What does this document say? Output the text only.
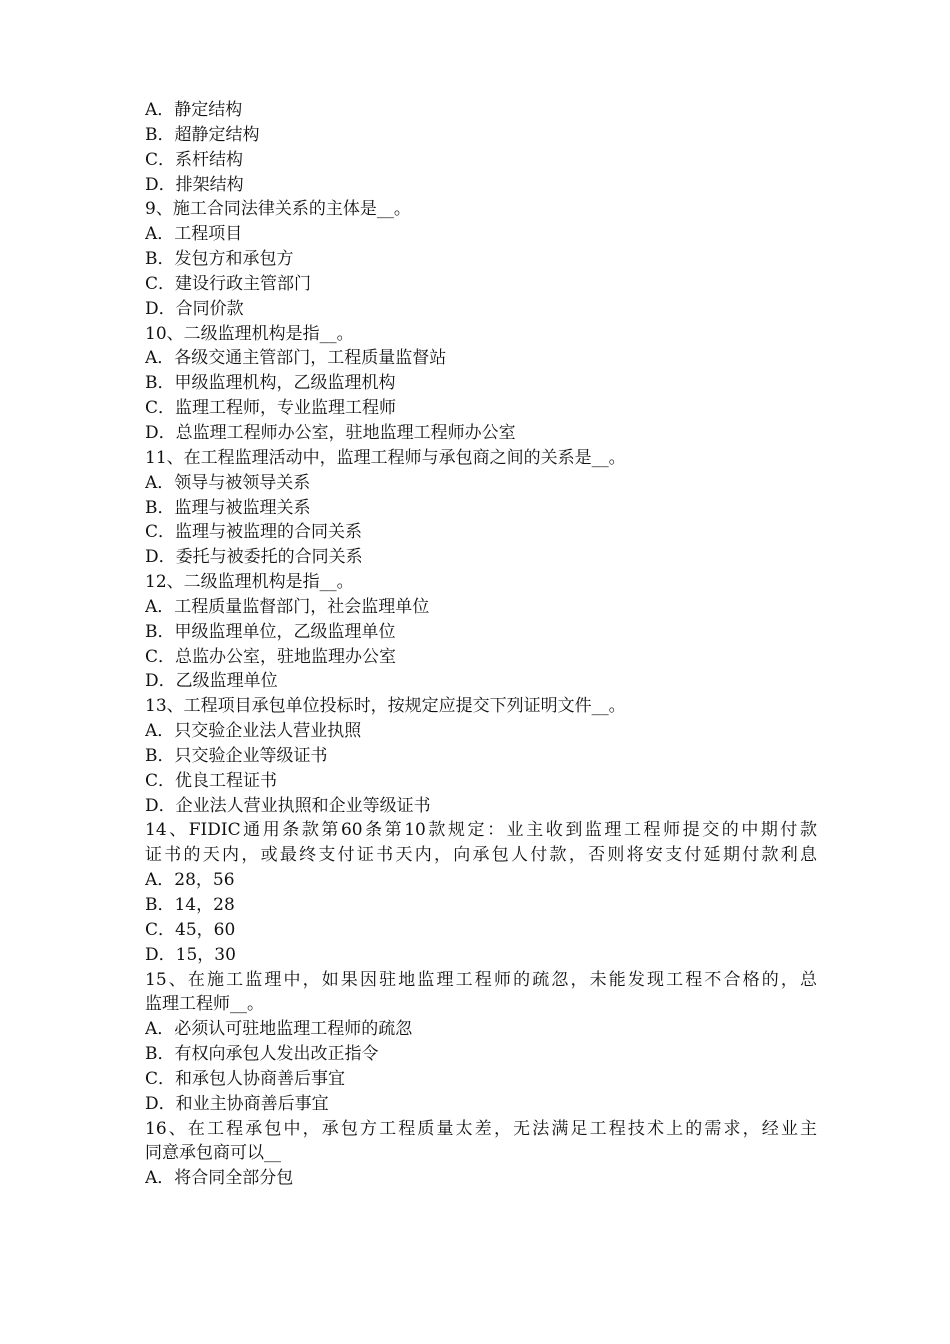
A．静定结构
B．超静定结构
C．系杆结构
D．排架结构
9、施工合同法律关系的主体是__。
A．工程项目
B．发包方和承包方
C．建设行政主管部门
D．合同价款
10、二级监理机构是指__。
A．各级交通主管部门，工程质量监督站
B．甲级监理机构，乙级监理机构
C．监理工程师，专业监理工程师
D．总监理工程师办公室，驻地监理工程师办公室
11、在工程监理活动中，监理工程师与承包商之间的关系是__。
A．领导与被领导关系
B．监理与被监理关系
C．监理与被监理的合同关系
D．委托与被委托的合同关系
12、二级监理机构是指__。
A．工程质量监督部门，社会监理单位
B．甲级监理单位，乙级监理单位
C．总监办公室，驻地监理办公室
D．乙级监理单位
13、工程项目承包单位投标时，按规定应提交下列证明文件__。
A．只交验企业法人营业执照
B．只交验企业等级证书
C．优良工程证书
D．企业法人营业执照和企业等级证书
14、FIDIC通用条款第60条第10款规定：业主收到监理工程师提交的中期付款
证书的天内，或最终支付证书天内，向承包人付款，否则将安支付延期付款利息
A．28，56
B．14，28
C．45，60
D．15，30
15、在施工监理中，如果因驻地监理工程师的疏忽，未能发现工程不合格的，总
监理工程师__。
A．必须认可驻地监理工程师的疏忽
B．有权向承包人发出改正指令
C．和承包人协商善后事宜
D．和业主协商善后事宜
16、在工程承包中，承包方工程质量太差，无法满足工程技术上的需求，经业主
同意承包商可以__
A．将合同全部分包
